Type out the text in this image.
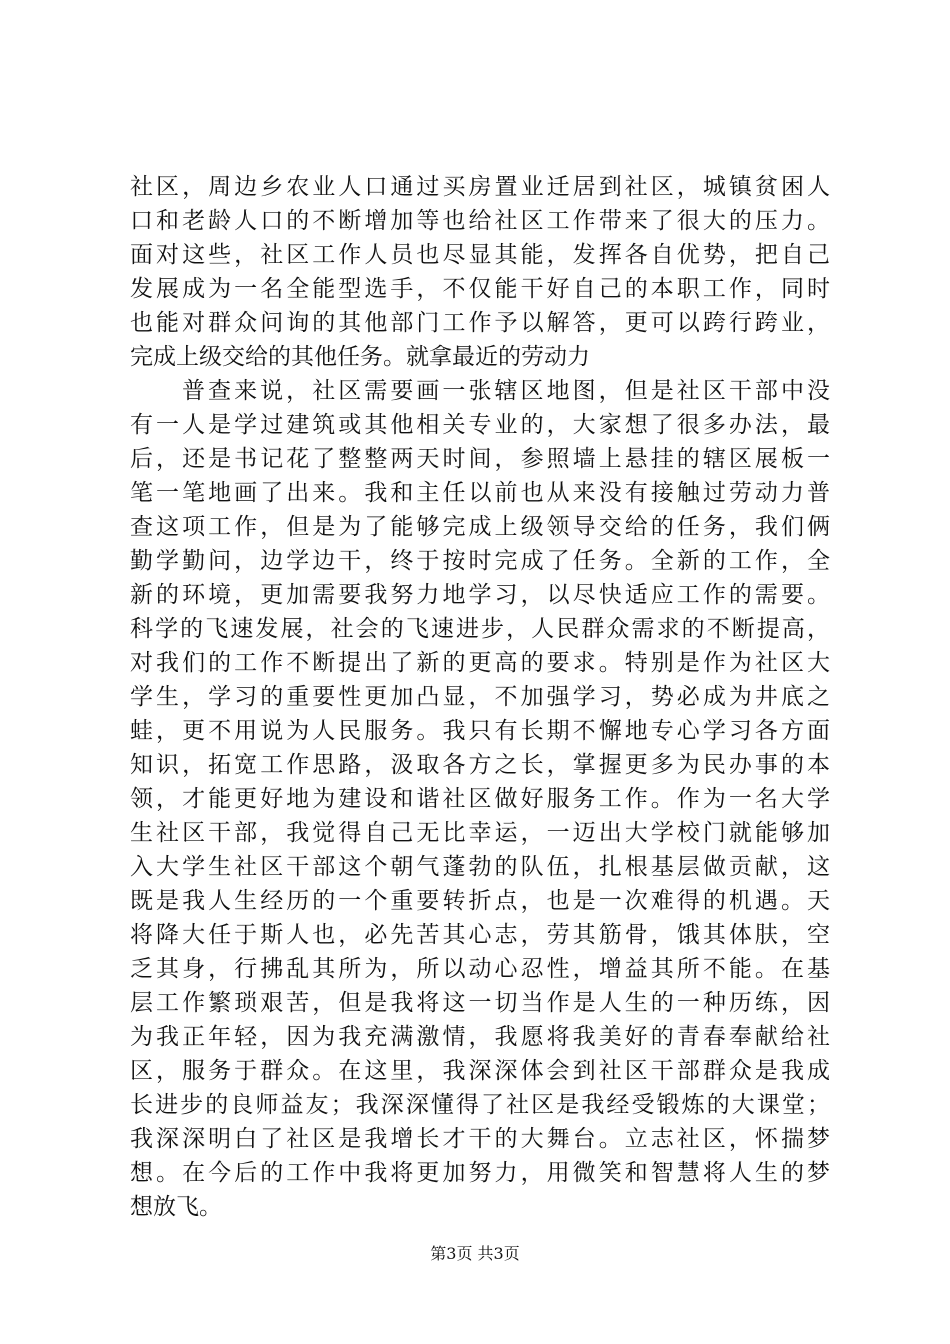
社区，周边乡农业人口通过买房置业迁居到社区，城镇贫困人
口和老龄人口的不断增加等也给社区工作带来了很大的压力。
面对这些，社区工作人员也尽显其能，发挥各自优势，把自己
发展成为一名全能型选手，不仅能干好自己的本职工作，同时
也能对群众问询的其他部门工作予以解答，更可以跨行跨业，
完成上级交给的其他任务。就拿最近的劳动力
普查来说，社区需要画一张辖区地图，但是社区干部中没
有一人是学过建筑或其他相关专业的，大家想了很多办法，最
后，还是书记花了整整两天时间，参照墙上悬挂的辖区展板一
笔一笔地画了出来。我和主任以前也从来没有接触过劳动力普
查这项工作，但是为了能够完成上级领导交给的任务，我们俩
勤学勤问，边学边干，终于按时完成了任务。全新的工作，全
新的环境，更加需要我努力地学习，以尽快适应工作的需要。
科学的飞速发展，社会的飞速进步，人民群众需求的不断提高，
对我们的工作不断提出了新的更高的要求。特别是作为社区大
学生，学习的重要性更加凸显，不加强学习，势必成为井底之
蛙，更不用说为人民服务。我只有长期不懈地专心学习各方面
知识，拓宽工作思路，汲取各方之长，掌握更多为民办事的本
领，才能更好地为建设和谐社区做好服务工作。作为一名大学
生社区干部，我觉得自己无比幸运，一迈出大学校门就能够加
入大学生社区干部这个朝气蓬勃的队伍，扎根基层做贡献，这
既是我人生经历的一个重要转折点，也是一次难得的机遇。天
将降大任于斯人也，必先苦其心志，劳其筋骨，饿其体肤，空
乏其身，行拂乱其所为，所以动心忍性，增益其所不能。在基
层工作繁琐艰苦，但是我将这一切当作是人生的一种历练，因
为我正年轻，因为我充满激情，我愿将我美好的青春奉献给社
区，服务于群众。在这里，我深深体会到社区干部群众是我成
长进步的良师益友；我深深懂得了社区是我经受锻炼的大课堂；
我深深明白了社区是我增长才干的大舞台。立志社区，怀揣梦
想。在今后的工作中我将更加努力，用微笑和智慧将人生的梦
想放飞。
第3页 共3页
